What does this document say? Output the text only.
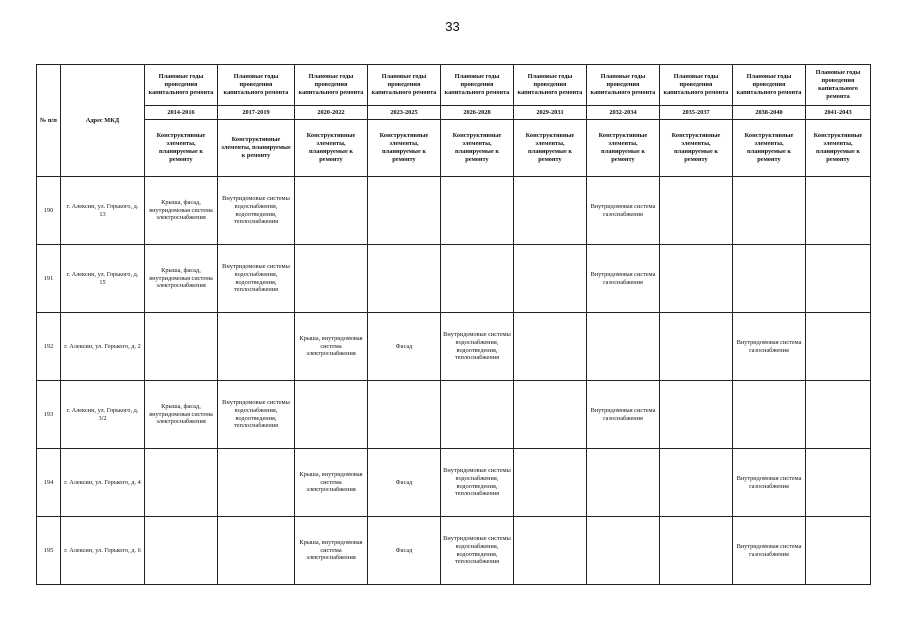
33
№ п/п	Адрес МКД	Плановые годы проведения капитального ремонта	Плановые годы проведения капитального ремонта	Плановые годы проведения капитального ремонта	Плановые годы проведения капитального ремонта	Плановые годы проведения капитального ремонта	Плановые годы проведения капитального ремонта	Плановые годы проведения капитального ремонта	Плановые годы проведения капитального ремонта	Плановые годы проведения капитального ремонта	Плановые годы проведения капитального ремонта
		2014-2016	2017-2019	2020-2022	2023-2025	2026-2028	2029-2031	2032-2034	2035-2037	2038-2040	2041-2043
		Конструктивные элементы, планируемые к ремонту	Конструктивные элементы, планируемые к ремонту	Конструктивные элементы, планируемые к ремонту	Конструктивные элементы, планируемые к ремонту	Конструктивные элементы, планируемые к ремонту	Конструктивные элементы, планируемые к ремонту	Конструктивные элементы, планируемые к ремонту	Конструктивные элементы, планируемые к ремонту	Конструктивные элементы, планируемые к ремонту	Конструктивные элементы, планируемые к ремонту
190	г. Алексин, ул. Горького, д. 13	Крыша, фасад, внутридомовая система электроснабжения	Внутридомовые системы водоснабжения, водоотведения, теплоснабжения					Внутридомовая система газоснабжения			
191	г. Алексин, ул. Горького, д. 15	Крыша, фасад, внутридомовая система электроснабжения	Внутридомовые системы водоснабжения, водоотведения, теплоснабжения					Внутридомовая система газоснабжения			
192	г. Алексин, ул. Горького, д. 2			Крыша, внутридомовая система электроснабжения	Фасад	Внутридомовые системы водоснабжения, водоотведения, теплоснабжения				Внутридомовая система газоснабжения	
193	г. Алексин, ул. Горького, д. 3/2	Крыша, фасад, внутридомовая система электроснабжения	Внутридомовые системы водоснабжения, водоотведения, теплоснабжения					Внутридомовая система газоснабжения			
194	г. Алексин, ул. Горького, д. 4			Крыша, внутридомовая система электроснабжения	Фасад	Внутридомовые системы водоснабжения, водоотведения, теплоснабжения				Внутридомовая система газоснабжения	
195	г. Алексин, ул. Горького, д. 6			Крыша, внутридомовая система электроснабжения	Фасад	Внутридомовые системы водоснабжения, водоотведения, теплоснабжения				Внутридомовая система газоснабжения	
